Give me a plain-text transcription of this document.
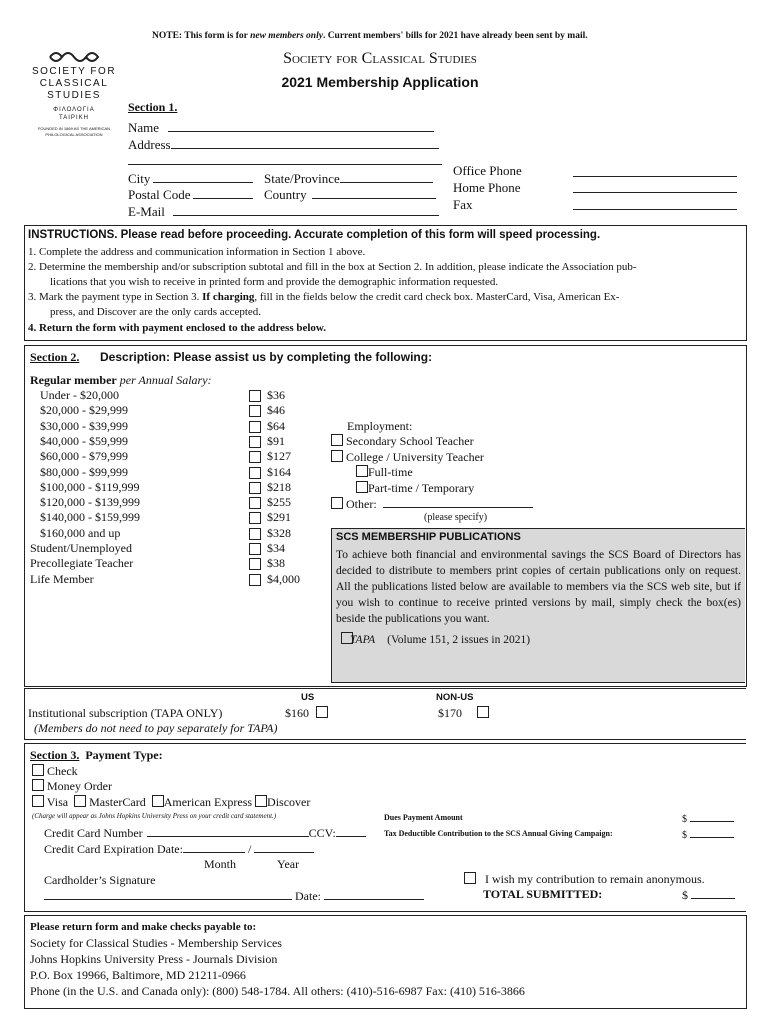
NOTE: This form is for new members only. Current members' bills for 2021 have already been sent by mail.
SOCIETY FOR
CLASSICAL
STUDIES
ΦΙΛΟΛΟΓΙΑ
ΤΑΙΡΙΚΗ
FOUNDED IN 1869 AS THE AMERICAN
PHILOLOGICAL ASSOCIATION
Society for Classical Studies
2021 Membership Application
Section 1.
Name
Address
City	State/Province
Postal Code	Country
E-Mail
Office Phone
Home Phone
Fax
INSTRUCTIONS. Please read before proceeding. Accurate completion of this form will speed processing.
1. Complete the address and communication information in Section 1 above.
2. Determine the membership and/or subscription subtotal and fill in the box at Section 2. In addition, please indicate the Association pub-
lications that you wish to receive in printed form and provide the demographic information requested.
3. Mark the payment type in Section 3. If charging, fill in the fields below the credit card check box. MasterCard, Visa, American Ex-
press, and Discover are the only cards accepted.
4. Return the form with payment enclosed to the address below.
Section 2. Description: Please assist us by completing the following:
Regular member per Annual Salary:
Under - $20,000	$36
$20,000 - $29,999	$46
$30,000 - $39,999	$64
$40,000 - $59,999	$91
$60,000 - $79,999	$127
$80,000 - $99,999	$164
$100,000 - $119,999	$218
$120,000 - $139,999	$255
$140,000 - $159,999	$291
$160,000 and up	$328
Student/Unemployed	$34
Precollegiate Teacher	$38
Life Member	$4,000
Employment:
Secondary School Teacher
College / University Teacher
Full-time
Part-time / Temporary
Other:
(please specify)
SCS MEMBERSHIP PUBLICATIONS
To achieve both financial and environmental savings the SCS Board of Directors has decided to distribute to members print copies of certain publications only on request. All the publications listed below are available to members via the SCS web site, but if you wish to continue to receive printed versions by mail, simply check the box(es) beside the publications you want.
TAPA (Volume 151, 2 issues in 2021)
US	NON-US
Institutional subscription (TAPA ONLY)	$160	$170
(Members do not need to pay separately for TAPA)
Section 3. Payment Type:
Check
Money Order
Visa MasterCard American Express Discover
(Charge will appear as Johns Hopkins University Press on your credit card statement.)
Credit Card Number	CCV:
Credit Card Expiration Date:	/
Month	Year
Cardholder’s Signature
Date:
Dues Payment Amount	$
Tax Deductible Contribution to the SCS Annual Giving Campaign:	$
I wish my contribution to remain anonymous.
TOTAL SUBMITTED:	$
Please return form and make checks payable to:
Society for Classical Studies - Membership Services
Johns Hopkins University Press - Journals Division
P.O. Box 19966, Baltimore, MD 21211-0966
Phone (in the U.S. and Canada only): (800) 548-1784. All others: (410)-516-6987 Fax: (410) 516-3866
